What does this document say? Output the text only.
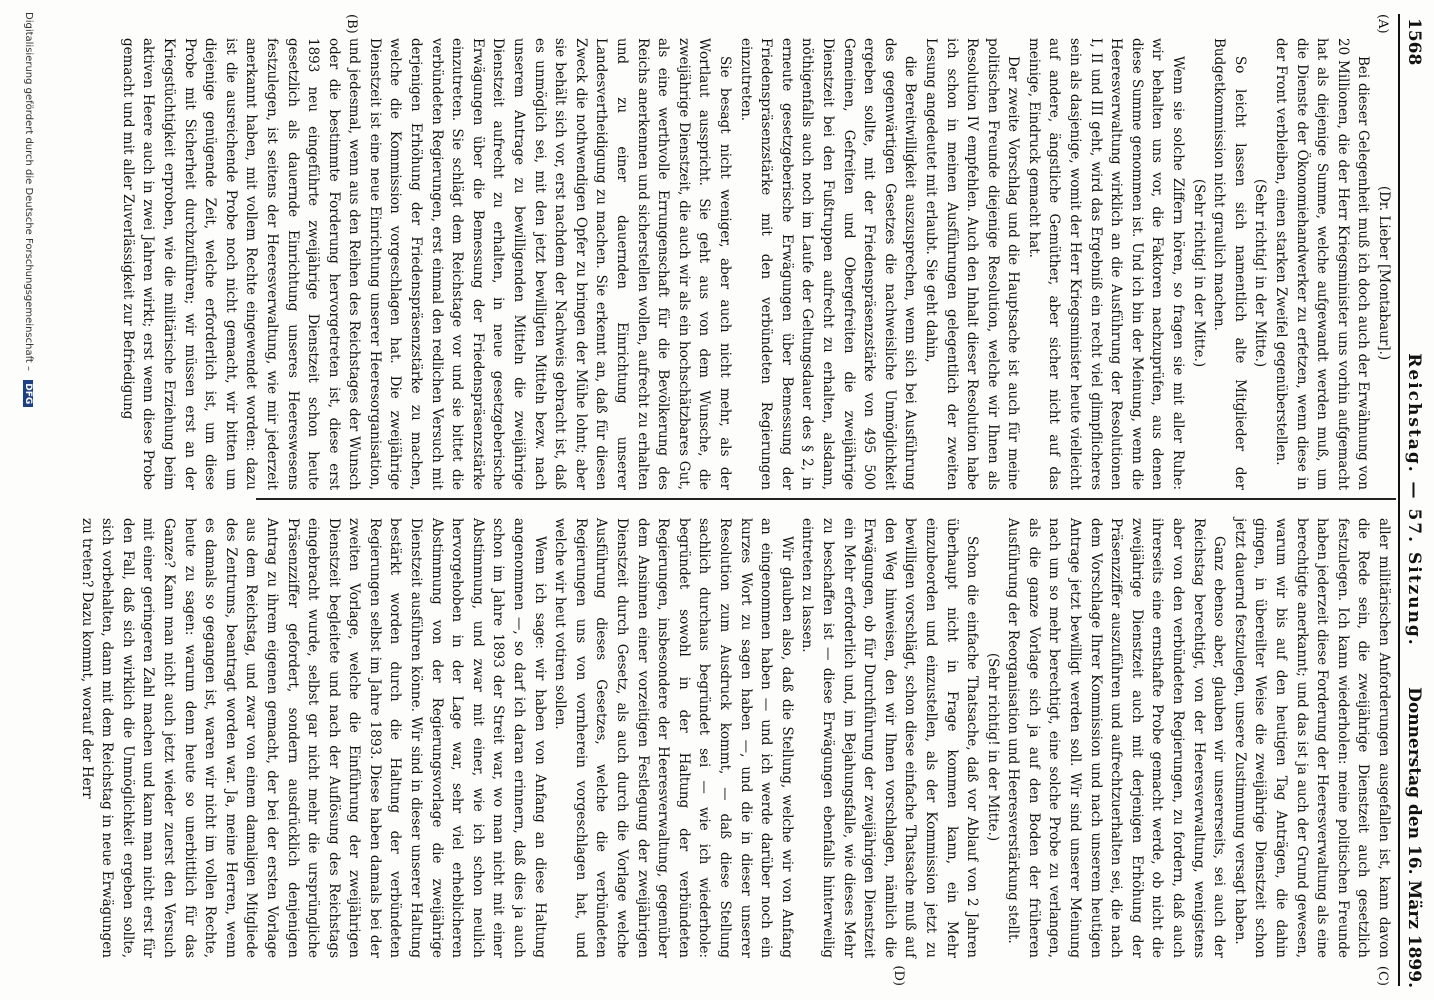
1568
Reichstag. — 57. Sitzung.
Donnerstag den 16. März 1899.
(A)
(B)
(C)
(D)

(Dr. Lieber [Montabaur].)

Bei dieser Gelegenheit muß ich doch auch der Erwähnung von 20 Millionen, die der Herr Kriegsminister uns vorhin aufgemacht hat als diejenige Summe, welche aufgewandt werden muß, um die Dienste der Ökonomiehandwerker zu erfetzen, wenn diese in der Front verbleiben, einen starken Zweifel gegenüberstellen.

(Sehr richtig! in der Mitte.)

So leicht lassen sich namentlich alte Mitglieder der Budgetkommission nicht graulich machen.

(Sehr richtig! in der Mitte.)

Wenn sie solche Ziffern hören, so fragen sie mit aller Ruhe: wir behalten uns vor, die Faktoren nachzuprüfen, aus denen diese Summe genommen ist. Und ich bin der Meinung, wenn die Heeresverwaltung wirklich an die Ausführung der Resolutionen I, II und III geht, wird das Ergebniß ein recht viel glimpflicheres sein als dasjenige, womit der Herr Kriegsminister heute vielleicht auf andere, ängstliche Gemüther, aber sicher nicht auf das meinige, Eindruck gemacht hat.

Der zweite Vorschlag und die Hauptsache ist auch für meine politischen Freunde diejenige Resolution, welche wir Ihnen als Resolution IV empfehlen. Auch den Inhalt dieser Resolution habe ich schon in meinen Ausführungen gelegentlich der zweiten Lesung angedeutet mit erlaubt. Sie geht dahin,

die Bereitwilligkeit auszusprechen, wenn sich bei Ausführung des gegenwärtigen Gesetzes die nachweisliche Unmöglichkeit ergeben sollte, mit der Friedenspräsenzstärke von 495 500 Gemeinen, Gefreiten und Obergefreiten die zweijährige Dienstzeit bei den Fußtruppen aufrecht zu erhalten, alsdann, nöthigenfalls auch noch im Laufe der Geltungsdauer des § 2, in erneute gesetzgeberische Erwägungen über Bemessung der Friedenspräsenzstärke mit den verbündeten Regierungen einzutreten.

Sie besagt nicht weniger, aber auch nicht mehr, als der Wortlaut ausspricht. Sie geht aus von dem Wunsche, die zweijährige Dienstzeit, die auch wir als ein hochschätzbares Gut, als eine werthvolle Errungenschaft für die Bevölkerung des Reichs anerkennen und sicherstellen wollen, aufrecht zu erhalten und zu einer dauernden Einrichtung unserer Landesvertheidigung zu machen. Sie erkennt an, daß für diesen Zweck die nothwendigen Opfer zu bringen der Mühe lohnt; aber sie behält sich vor, erst nachdem der Nachweis gebracht ist, daß es unmöglich sei, mit den jetzt bewilligten Mitteln bezw. nach unserem Antrage zu bewilligenden Mitteln die zweijährige Dienstzeit aufrecht zu erhalten, in neue gesetzgeberische Erwägungen über die Bemessung der Friedenspräsenzstärke einzutreten. Sie schlägt dem Reichstage vor und sie bittet die verbündeten Regierungen, erst einmal den redlichen Versuch mit derjenigen Erhöhung der Friedenspräsenzstärke zu machen, welche die Kommission vorgeschlagen hat. Die zweijährige Dienstzeit ist eine neue Einrichtung unserer Heeresorganisation, und jedesmal, wenn aus den Reihen des Reichstages der Wunsch oder die bestimmte Forderung hervorgetreten ist, diese erst 1893 neu eingeführte zweijährige Dienstzeit schon heute gesetzlich als dauernde Einrichtung unseres Heereswesens festzulegen, ist seitens der Heeresverwaltung, wie mir jederzeit anerkannt haben, mit vollem Rechte eingewendet worden: dazu ist die ausreichende Probe noch nicht gemacht, wir bitten um diejenige genügende Zeit, welche erforderlich ist, um diese Probe mit Sicherheit durchzuführen; wir müssen erst an der Kriegstüchtigkeit erproben, wie die militärische Erziehung beim aktiven Heere auch in zwei Jahren wirkt; erst wenn diese Probe gemacht und mit aller Zuverlässigkeit zur Befriedigung

aller militärischen Anforderungen ausgefallen ist, kann davon die Rede sein, die zweijährige Dienstzeit auch gesetzlich festzulegen. Ich kann wiederholen: meine politischen Freunde haben jederzeit diese Forderung der Heeresverwaltung als eine berechtigte anerkannt; und das ist ja auch der Grund gewesen, warum wir bis auf den heutigen Tag Anträgen, die dahin gingen, in übereilter Weise die zweijährige Dienstzeit schon jetzt dauernd festzulegen, unsere Zustimmung versagt haben.

Ganz ebenso aber, glauben wir unsererseits, sei auch der Reichstag berechtigt, von der Heeresverwaltung, wenigstens aber von den verbündeten Regierungen, zu fordern, daß auch ihrerseits eine ernsthafte Probe gemacht werde, ob nicht die zweijährige Dienstzeit auch mit derjenigen Erhöhung der Präsenzziffer auszuführen und aufrechtzuerhalten sei, die nach dem Vorschlage Ihrer Kommission und nach unserem heutigen Antrage jetzt bewilligt werden soll. Wir sind unserer Meinung nach um so mehr berechtigt, eine solche Probe zu verlangen, als die ganze Vorlage sich ja auf den Boden der früheren Ausführung der Reorganisation und Heeresverstärkung stellt.

(Sehr richtig! in der Mitte.)

Schon die einfache Thatsache, daß vor Ablauf von 2 Jahren überhaupt nicht in Frage kommen kann, ein Mehr einzubeorden und einzustellen, als der Kommission jetzt zu bewilligen vorschlägt, schon diese einfache Thatsache muß auf den Weg hinweisen, den wir Ihnen vorschlagen, nämlich die Erwägungen, ob für Durchführung der zweijährigen Dienstzeit ein Mehr erforderlich und, im Bejahungsfalle, wie dieses Mehr zu beschaffen ist — diese Erwägungen ebenfalls hinterweilig eintreten zu lassen.

Wir glauben also, daß die Stellung, welche wir von Anfang an eingenommen haben — und ich werde darüber noch ein kurzes Wort zu sagen haben —, und die in dieser unserer Resolution zum Ausdruck kommt, — daß diese Stellung sachlich durchaus begründet sei — wie ich wiederhole: begründet sowohl in der Haltung der verbündeten Regierungen, insbesondere der Heeresverwaltung, gegenüber dem Ansinnen einer vorzeitigen Festlegung der zweijährigen Dienstzeit durch Gesetz, als auch durch die Vorlage welche Ausführung dieses Gesetzes, welche die verbündeten Regierungen uns von vornherein vorgeschlagen hat, und welche wir heut votiren sollen.

Wenn ich sage: wir haben von Anfang an diese Haltung angenommen —, so darf ich daran erinnern, daß dies ja auch schon im Jahre 1893 der Streit war, wo man nicht mit einer Abstimmung, und zwar mit einer, wie ich schon neulich hervorgehoben in der Lage war, sehr viel erheblicheren Abstimmung von der Regierungsvorlage die zweijährige Dienstzeit ausführen könne. Wir sind in dieser unserer Haltung bestärkt worden durch die Haltung der verbündeten Regierungen selbst im Jahre 1893. Diese haben damals bei der zweiten Vorlage, welche die Einführung der zweijährigen Dienstzeit begleitete und nach der Auflösung des Reichstags eingebracht wurde, selbst gar nicht mehr die ursprüngliche Präsenzziffer gefordert, sondern ausdrücklich denjenigen Antrag zu ihrem eigenen gemacht, der bei der ersten Vorlage aus dem Reichstag, und zwar von einem damaligen Mitgliede des Zentrums, beantragt worden war. Ja, meine Herren, wenn es damals so gegangen ist, waren wir nicht im vollen Rechte, heute zu sagen: warum denn heute so unerbittlich für das Ganze? Kann man nicht auch jetzt wieder zuerst den Versuch mit einer geringeren Zahl machen und kann man nicht erst für den Fall, daß sich wirklich die Unmöglichkeit ergeben sollte, sich vorbehalten, dann mit dem Reichstag in neue Erwägungen zu treten? Dazu kommt, worauf der Herr

Digitalisierung gefördert durch die Deutsche Forschungsgemeinschaft – DFG
